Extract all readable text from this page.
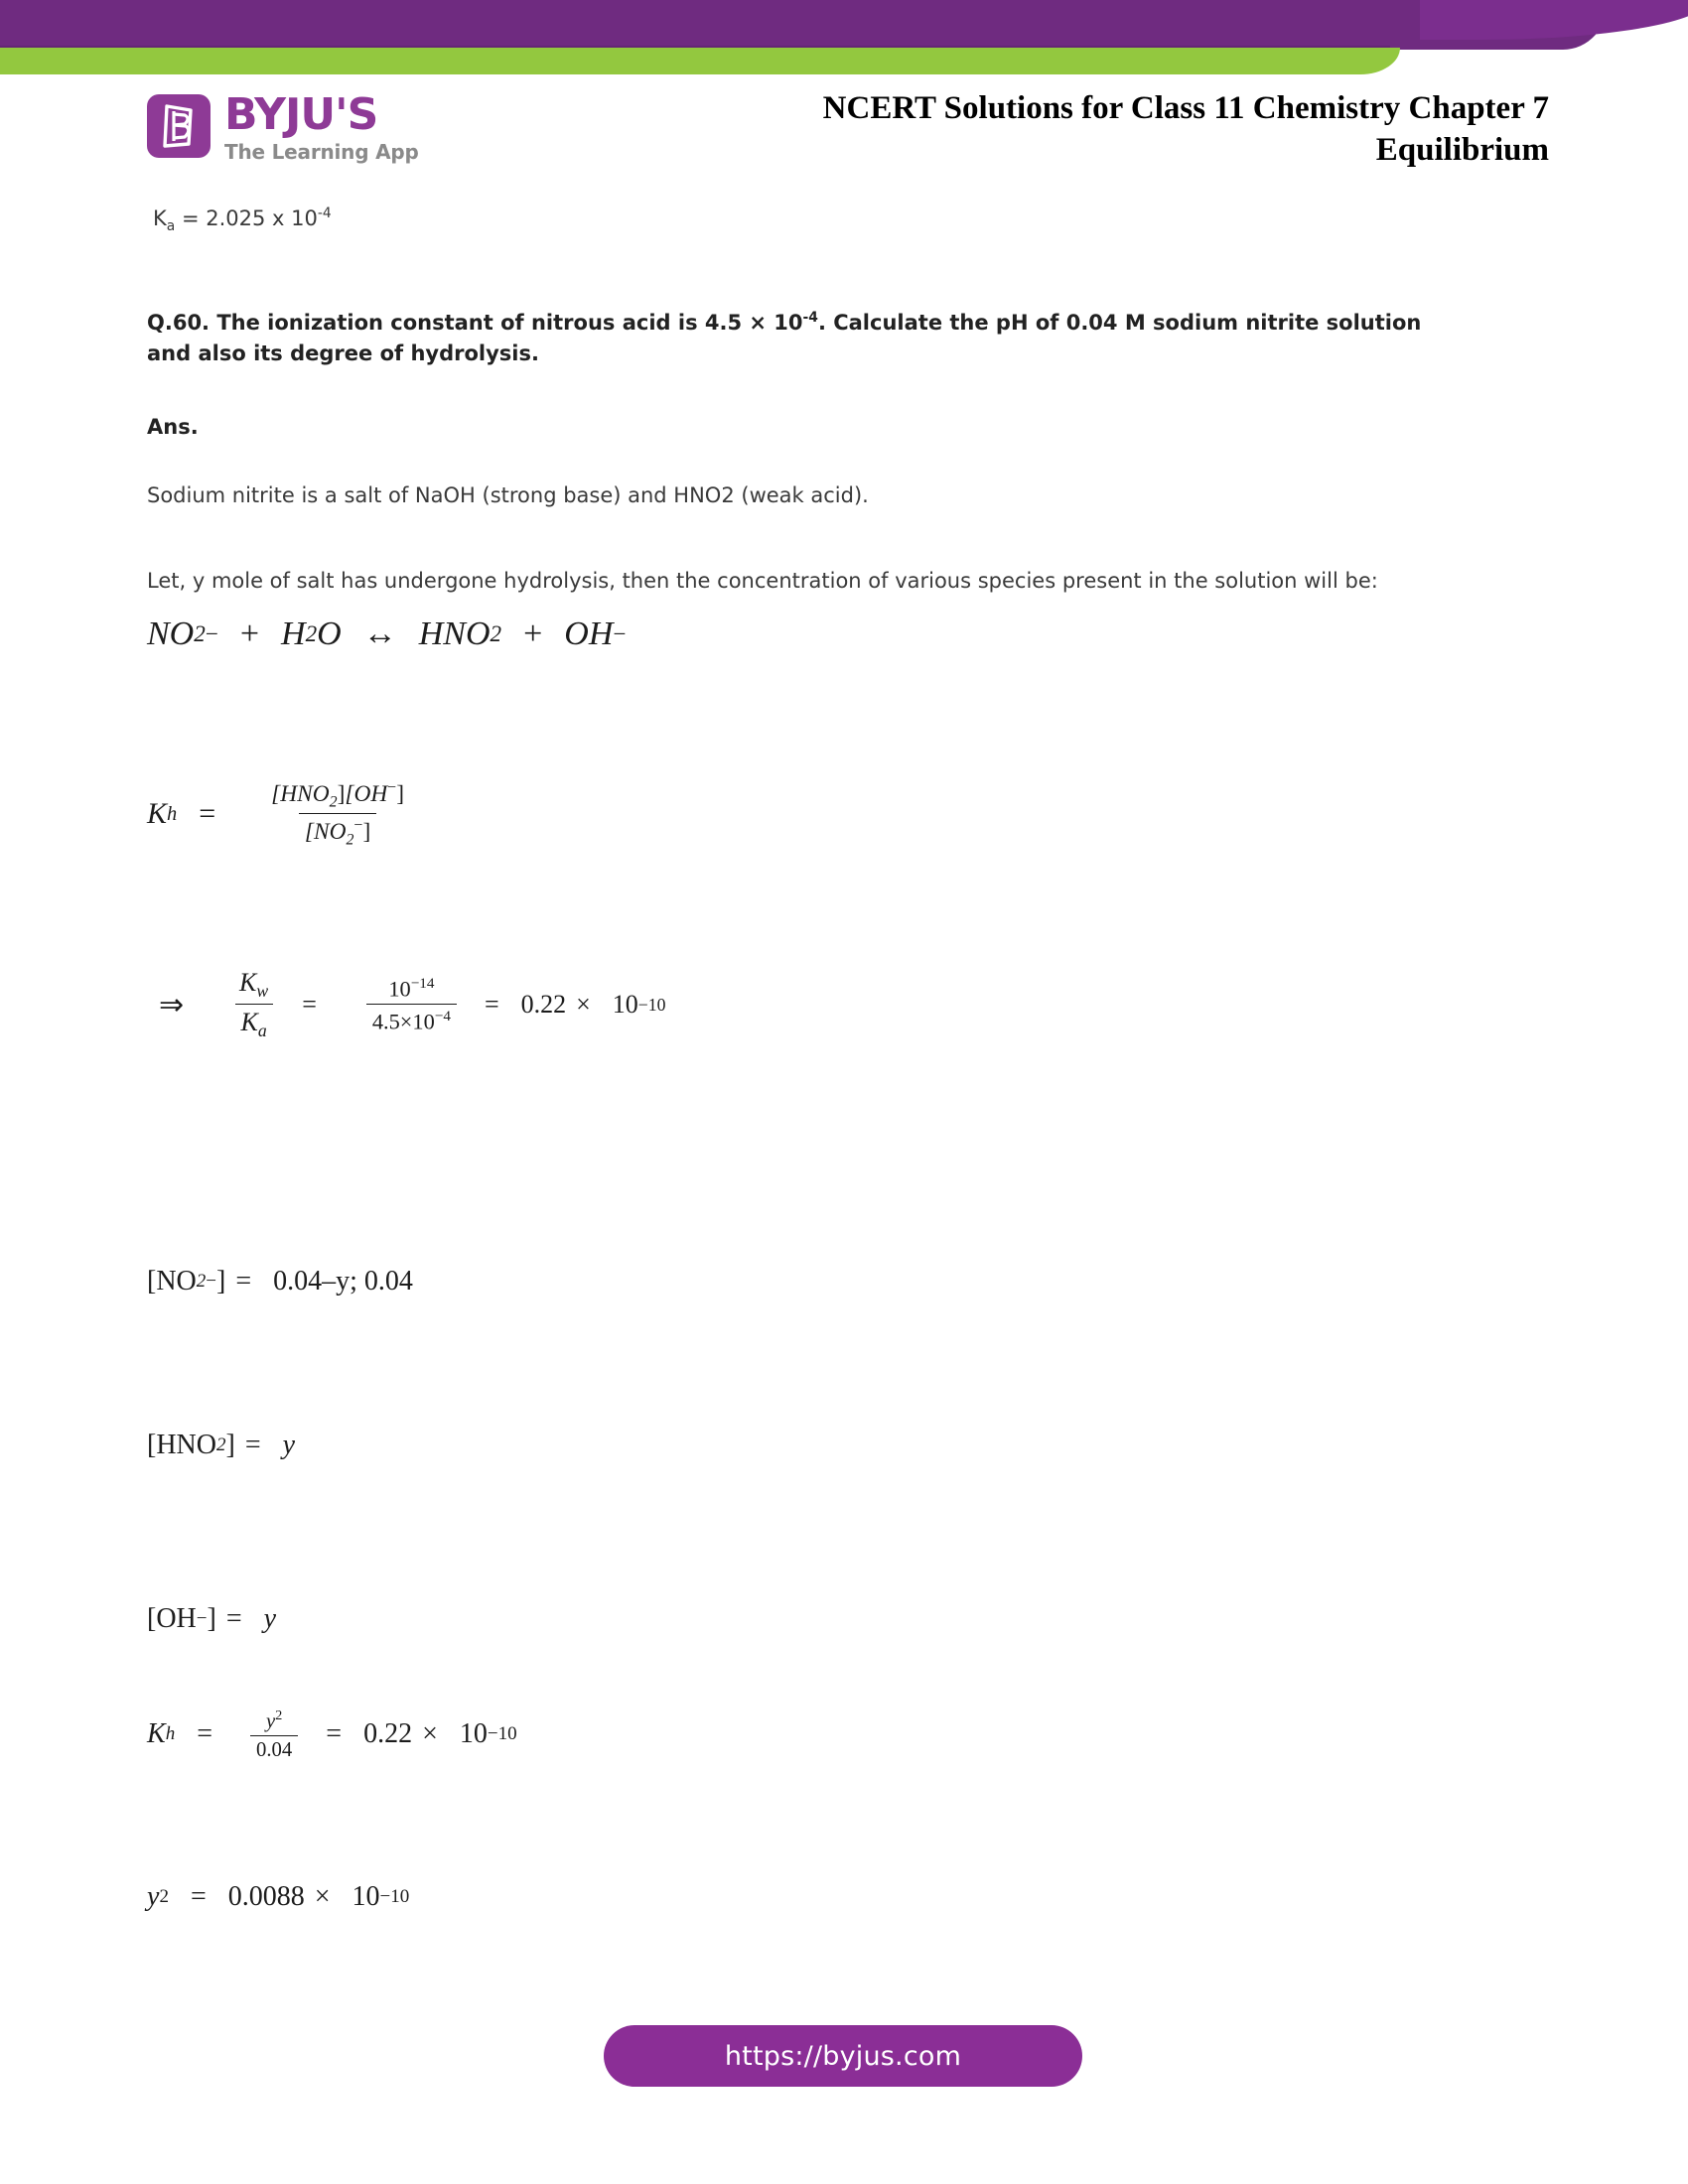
BYJU'S
The Learning App
NCERT Solutions for Class 11 Chemistry Chapter 7
Equilibrium
$K_a = 2.025$ x $10^{-4}$
Q.60. The ionization constant of nitrous acid is $4.5 \times 10^{-4}$. Calculate the pH of 0.04 M sodium nitrite solution and also its degree of hydrolysis.
Ans.
Sodium nitrite is a salt of NaOH (strong base) and HNO2 (weak acid).
Let, y mole of salt has undergone hydrolysis, then the concentration of various species present in the solution will be:
NO 2 − + H 2 O ↔ HNO 2 + OH −
K $h = \frac{[HNO_2][OH^-]}{[NO_2^-]}$
⇒ $\frac{K_w}{K_a} = \frac{10^{-14}}{4.5\times 10^{-4}} = 0.22 \times 10 -10$
[NO 2 − ] = 0.04–y; 0.04
[HNO 2 ] = y
[OH − ] = y
K $h = \frac{y^2}{0.04} = 0.22 \times 10 -10$
y 2 = 0.0088 × 10 −10
https://byjus.com
